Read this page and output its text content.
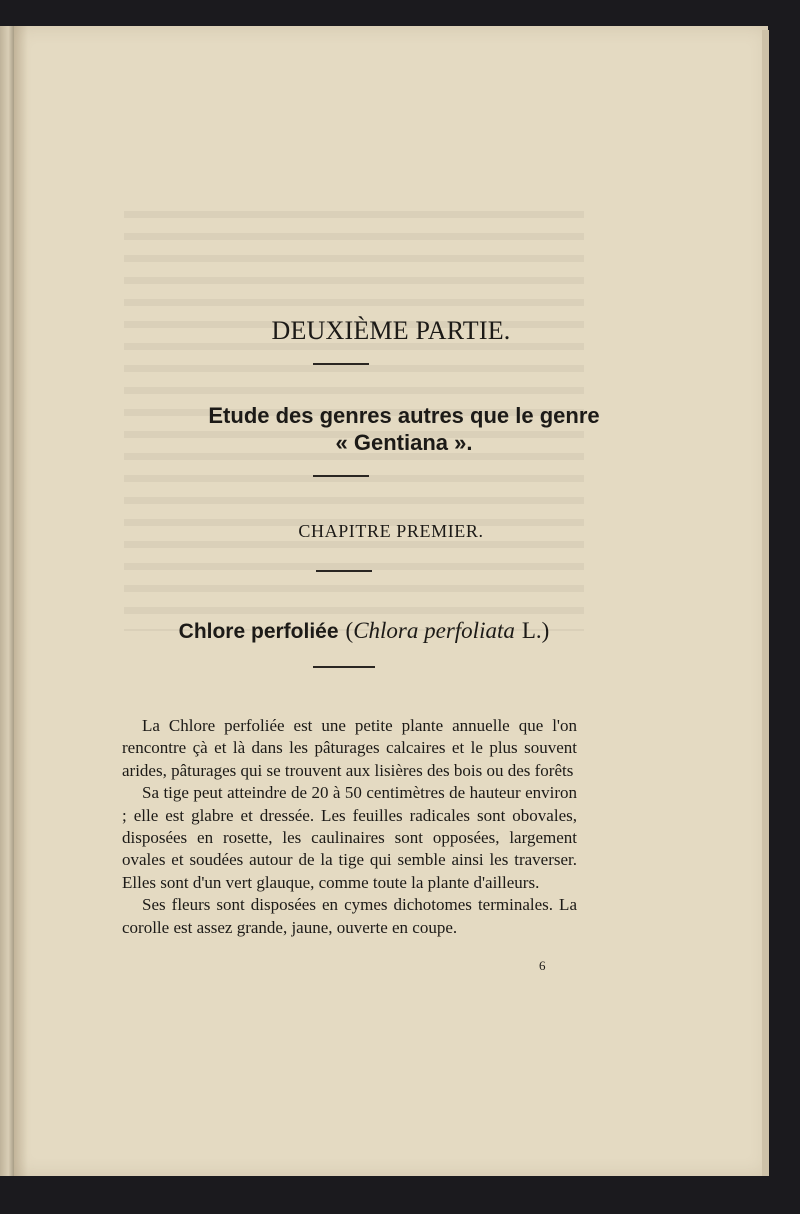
DEUXIÈME PARTIE.
Etude des genres autres que le genre
« Gentiana ».
CHAPITRE PREMIER.
Chlore perfoliée (Chlora perfoliata L.)

La Chlore perfoliée est une petite plante annuelle que l'on rencontre çà et là dans les pâturages calcaires et le plus souvent arides, pâturages qui se trouvent aux lisières des bois ou des forêts

Sa tige peut atteindre de 20 à 50 centimètres de hauteur environ ; elle est glabre et dressée. Les feuilles radicales sont obovales, disposées en rosette, les caulinaires sont opposées, largement ovales et soudées autour de la tige qui semble ainsi les traverser. Elles sont d'un vert glauque, comme toute la plante d'ailleurs.

Ses fleurs sont disposées en cymes dichotomes terminales. La corolle est assez grande, jaune, ouverte en coupe.

6
